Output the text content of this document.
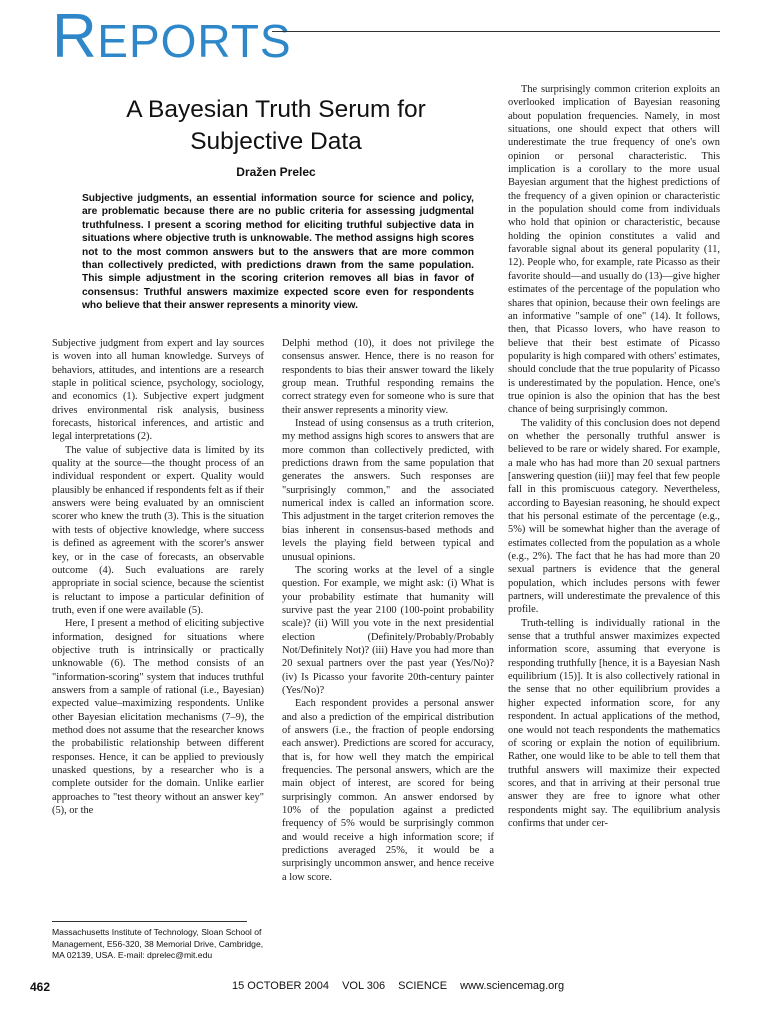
REPORTS
A Bayesian Truth Serum for
Subjective Data
Dražen Prelec

Subjective judgments, an essential information source for science and policy, are problematic because there are no public criteria for assessing judgmental truthfulness. I present a scoring method for eliciting truthful subjective data in situations where objective truth is unknowable. The method assigns high scores not to the most common answers but to the answers that are more common than collectively predicted, with predictions drawn from the same population. This simple adjustment in the scoring criterion removes all bias in favor of consensus: Truthful answers maximize expected score even for respondents who believe that their answer represents a minority view.

Subjective judgment from expert and lay sources is woven into all human knowledge. Surveys of behaviors, attitudes, and intentions are a research staple in political science, psychology, sociology, and economics (1). Subjective expert judgment drives environmental risk analysis, business forecasts, historical inferences, and artistic and legal interpretations (2).

The value of subjective data is limited by its quality at the source—the thought process of an individual respondent or expert. Quality would plausibly be enhanced if respondents felt as if their answers were being evaluated by an omniscient scorer who knew the truth (3). This is the situation with tests of objective knowledge, where success is defined as agreement with the scorer's answer key, or in the case of forecasts, an observable outcome (4). Such evaluations are rarely appropriate in social science, because the scientist is reluctant to impose a particular definition of truth, even if one were available (5).

Here, I present a method of eliciting subjective information, designed for situations where objective truth is intrinsically or practically unknowable (6). The method consists of an "information-scoring" system that induces truthful answers from a sample of rational (i.e., Bayesian) expected value–maximizing respondents. Unlike other Bayesian elicitation mechanisms (7–9), the method does not assume that the researcher knows the probabilistic relationship between different responses. Hence, it can be applied to previously unasked questions, by a researcher who is a complete outsider for the domain. Unlike earlier approaches to "test theory without an answer key" (5), or the

Massachusetts Institute of Technology, Sloan School of Management, E56-320, 38 Memorial Drive, Cambridge, MA 02139, USA. E-mail: dprelec@mit.edu

Delphi method (10), it does not privilege the consensus answer. Hence, there is no reason for respondents to bias their answer toward the likely group mean. Truthful responding remains the correct strategy even for someone who is sure that their answer represents a minority view.

Instead of using consensus as a truth criterion, my method assigns high scores to answers that are more common than collectively predicted, with predictions drawn from the same population that generates the answers. Such responses are "surprisingly common," and the associated numerical index is called an information score. This adjustment in the target criterion removes the bias inherent in consensus-based methods and levels the playing field between typical and unusual opinions.

The scoring works at the level of a single question. For example, we might ask: (i) What is your probability estimate that humanity will survive past the year 2100 (100-point probability scale)? (ii) Will you vote in the next presidential election (Definitely/Probably/Probably Not/Definitely Not)? (iii) Have you had more than 20 sexual partners over the past year (Yes/No)? (iv) Is Picasso your favorite 20th-century painter (Yes/No)?

Each respondent provides a personal answer and also a prediction of the empirical distribution of answers (i.e., the fraction of people endorsing each answer). Predictions are scored for accuracy, that is, for how well they match the empirical frequencies. The personal answers, which are the main object of interest, are scored for being surprisingly common. An answer endorsed by 10% of the population against a predicted frequency of 5% would be surprisingly common and would receive a high information score; if predictions averaged 25%, it would be a surprisingly uncommon answer, and hence receive a low score.

The surprisingly common criterion exploits an overlooked implication of Bayesian reasoning about population frequencies. Namely, in most situations, one should expect that others will underestimate the true frequency of one's own opinion or personal characteristic. This implication is a corollary to the more usual Bayesian argument that the highest predictions of the frequency of a given opinion or characteristic in the population should come from individuals who hold that opinion or characteristic, because holding the opinion constitutes a valid and favorable signal about its general popularity (11, 12). People who, for example, rate Picasso as their favorite should—and usually do (13)—give higher estimates of the percentage of the population who shares that opinion, because their own feelings are an informative "sample of one" (14). It follows, then, that Picasso lovers, who have reason to believe that their best estimate of Picasso popularity is high compared with others' estimates, should conclude that the true popularity of Picasso is underestimated by the population. Hence, one's true opinion is also the opinion that has the best chance of being surprisingly common.

The validity of this conclusion does not depend on whether the personally truthful answer is believed to be rare or widely shared. For example, a male who has had more than 20 sexual partners [answering question (iii)] may feel that few people fall in this promiscuous category. Nevertheless, according to Bayesian reasoning, he should expect that his personal estimate of the percentage (e.g., 5%) will be somewhat higher than the average of estimates collected from the population as a whole (e.g., 2%). The fact that he has had more than 20 sexual partners is evidence that the general population, which includes persons with fewer partners, will underestimate the prevalence of this profile.

Truth-telling is individually rational in the sense that a truthful answer maximizes expected information score, assuming that everyone is responding truthfully [hence, it is a Bayesian Nash equilibrium (15)]. It is also collectively rational in the sense that no other equilibrium provides a higher expected information score, for any respondent. In actual applications of the method, one would not teach respondents the mathematics of scoring or explain the notion of equilibrium. Rather, one would like to be able to tell them that truthful answers will maximize their expected scores, and that in arriving at their personal true answer they are free to ignore what other respondents might say. The equilibrium analysis confirms that under cer-

462	15 OCTOBER 2004 VOL 306 SCIENCE www.sciencemag.org
